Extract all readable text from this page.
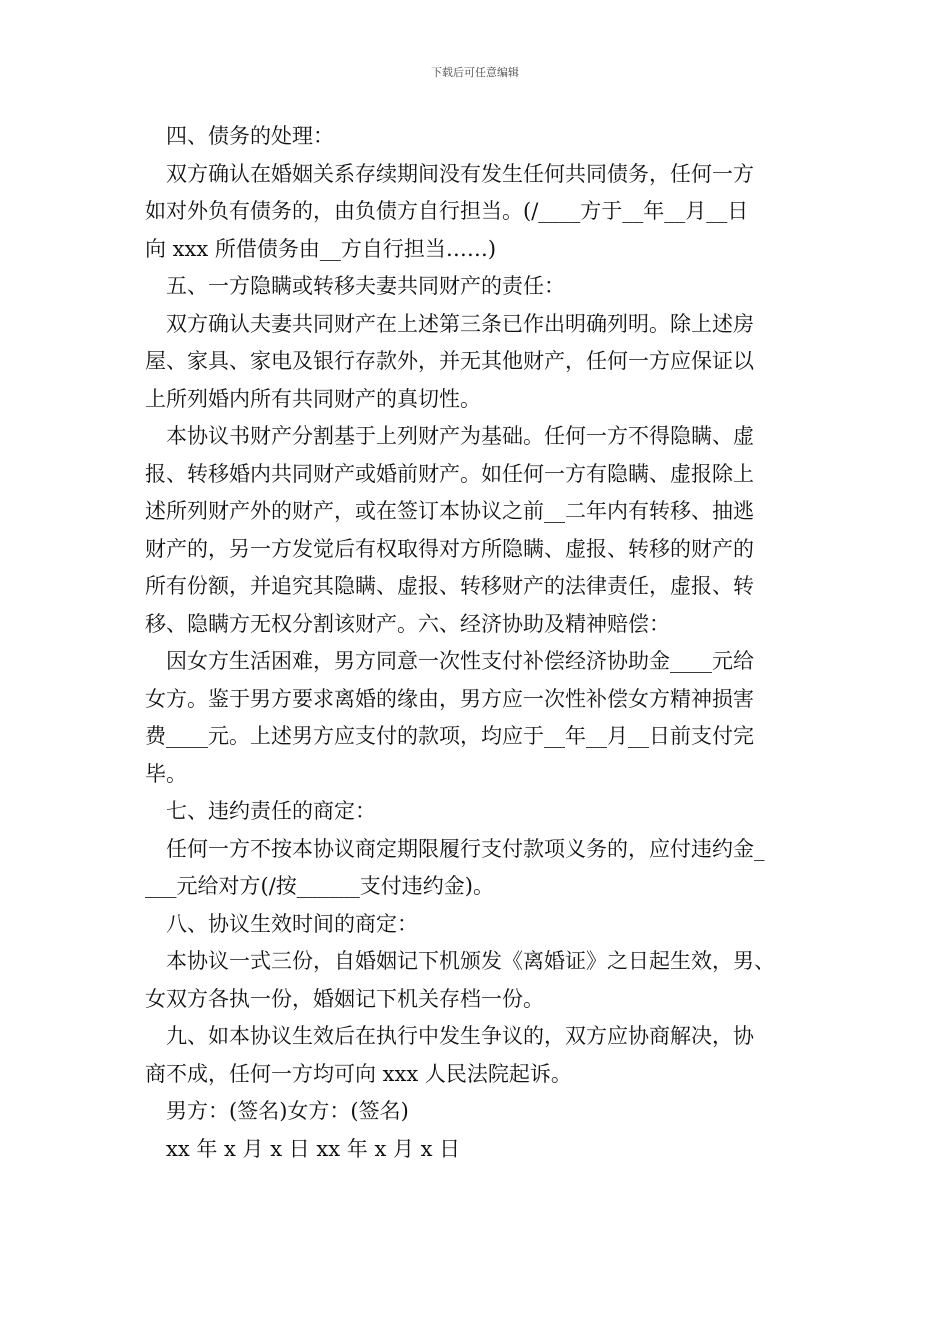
下载后可任意编辑
四、债务的处理：
双方确认在婚姻关系存续期间没有发生任何共同债务，任何一方
如对外负有债务的，由负债方自行担当。(/____方于__年__月__日
向 xxx 所借债务由__方自行担当……)
五、一方隐瞒或转移夫妻共同财产的责任：
双方确认夫妻共同财产在上述第三条已作出明确列明。除上述房
屋、家具、家电及银行存款外，并无其他财产，任何一方应保证以
上所列婚内所有共同财产的真切性。
本协议书财产分割基于上列财产为基础。任何一方不得隐瞒、虚
报、转移婚内共同财产或婚前财产。如任何一方有隐瞒、虚报除上
述所列财产外的财产，或在签订本协议之前__二年内有转移、抽逃
财产的，另一方发觉后有权取得对方所隐瞒、虚报、转移的财产的
所有份额，并追究其隐瞒、虚报、转移财产的法律责任，虚报、转
移、隐瞒方无权分割该财产。六、经济协助及精神赔偿：
因女方生活困难，男方同意一次性支付补偿经济协助金____元给
女方。鉴于男方要求离婚的缘由，男方应一次性补偿女方精神损害
费____元。上述男方应支付的款项，均应于__年__月__日前支付完
毕。
七、违约责任的商定：
任何一方不按本协议商定期限履行支付款项义务的，应付违约金_
___元给对方(/按______支付违约金)。
八、协议生效时间的商定：
本协议一式三份，自婚姻记下机颁发《离婚证》之日起生效，男、
女双方各执一份，婚姻记下机关存档一份。
九、如本协议生效后在执行中发生争议的，双方应协商解决，协
商不成，任何一方均可向 xxx 人民法院起诉。
男方：(签名)女方：(签名)
xx 年 x 月 x 日 xx 年 x 月 x 日
